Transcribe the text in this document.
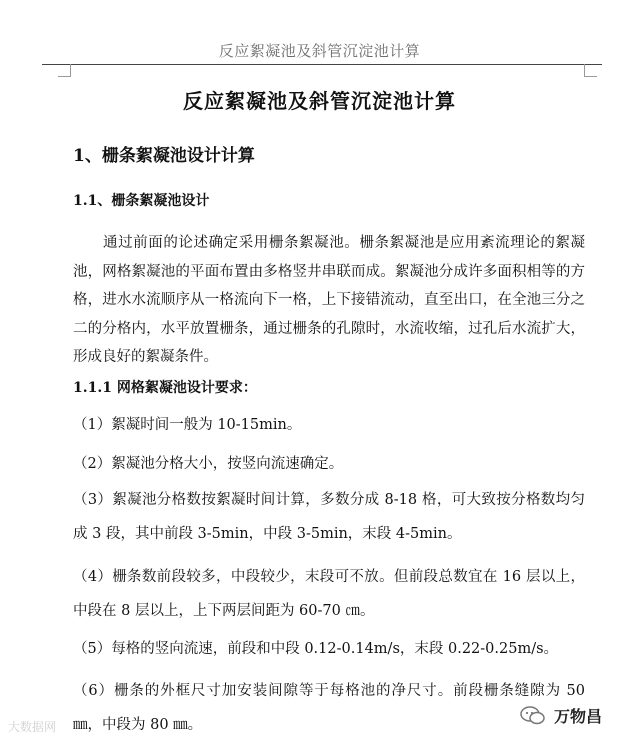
反应絮凝池及斜管沉淀池计算
反应絮凝池及斜管沉淀池计算
1、栅条絮凝池设计计算
1.1、栅条絮凝池设计
通过前面的论述确定采用栅条絮凝池。栅条絮凝池是应用紊流理论的絮凝池，网格絮凝池的平面布置由多格竖井串联而成。絮凝池分成许多面积相等的方格，进水水流顺序从一格流向下一格，上下接错流动，直至出口，在全池三分之二的分格内，水平放置栅条，通过栅条的孔隙时，水流收缩，过孔后水流扩大，形成良好的絮凝条件。
1.1.1 网格絮凝池设计要求：
（1）絮凝时间一般为 10-15min。
（2）絮凝池分格大小，按竖向流速确定。
（3）絮凝池分格数按絮凝时间计算，多数分成 8-18 格，可大致按分格数均匀成 3 段，其中前段 3-5min，中段 3-5min，末段 4-5min。
（4）栅条数前段较多，中段较少，末段可不放。但前段总数宜在 16 层以上，中段在 8 层以上，上下两层间距为 60-70 ㎝。
（5）每格的竖向流速，前段和中段 0.12-0.14m/s，末段 0.22-0.25m/s。
（6）栅条的外框尺寸加安装间隙等于每格池的净尺寸。前段栅条缝隙为 50 ㎜，中段为 80 ㎜。
大数据网
万物昌
